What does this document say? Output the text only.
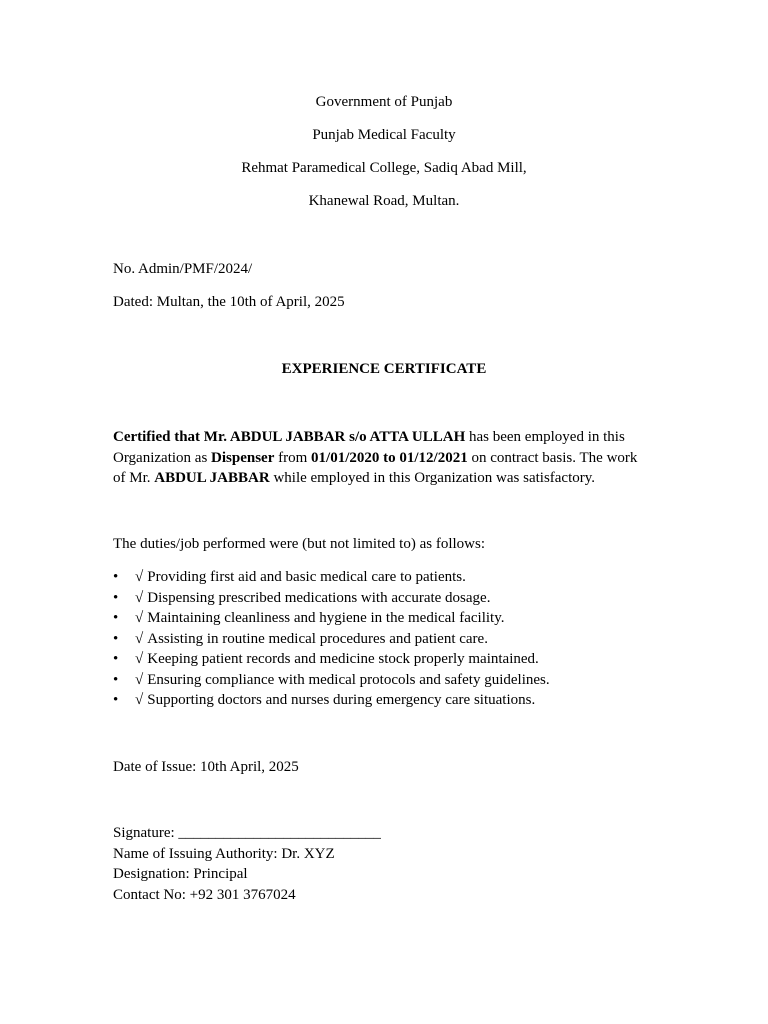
Government of Punjab
Punjab Medical Faculty
Rehmat Paramedical College, Sadiq Abad Mill,
Khanewal Road, Multan.
No. Admin/PMF/2024/
Dated: Multan, the 10th of April, 2025
EXPERIENCE CERTIFICATE
Certified that Mr. ABDUL JABBAR s/o ATTA ULLAH has been employed in this Organization as Dispenser from 01/01/2020 to 01/12/2021 on contract basis. The work of Mr. ABDUL JABBAR while employed in this Organization was satisfactory.
The duties/job performed were (but not limited to) as follows:
• √ Providing first aid and basic medical care to patients.
• √ Dispensing prescribed medications with accurate dosage.
• √ Maintaining cleanliness and hygiene in the medical facility.
• √ Assisting in routine medical procedures and patient care.
• √ Keeping patient records and medicine stock properly maintained.
• √ Ensuring compliance with medical protocols and safety guidelines.
• √ Supporting doctors and nurses during emergency care situations.
Date of Issue: 10th April, 2025
Signature: ___________________________
Name of Issuing Authority: Dr. XYZ
Designation: Principal
Contact No: +92 301 3767024
